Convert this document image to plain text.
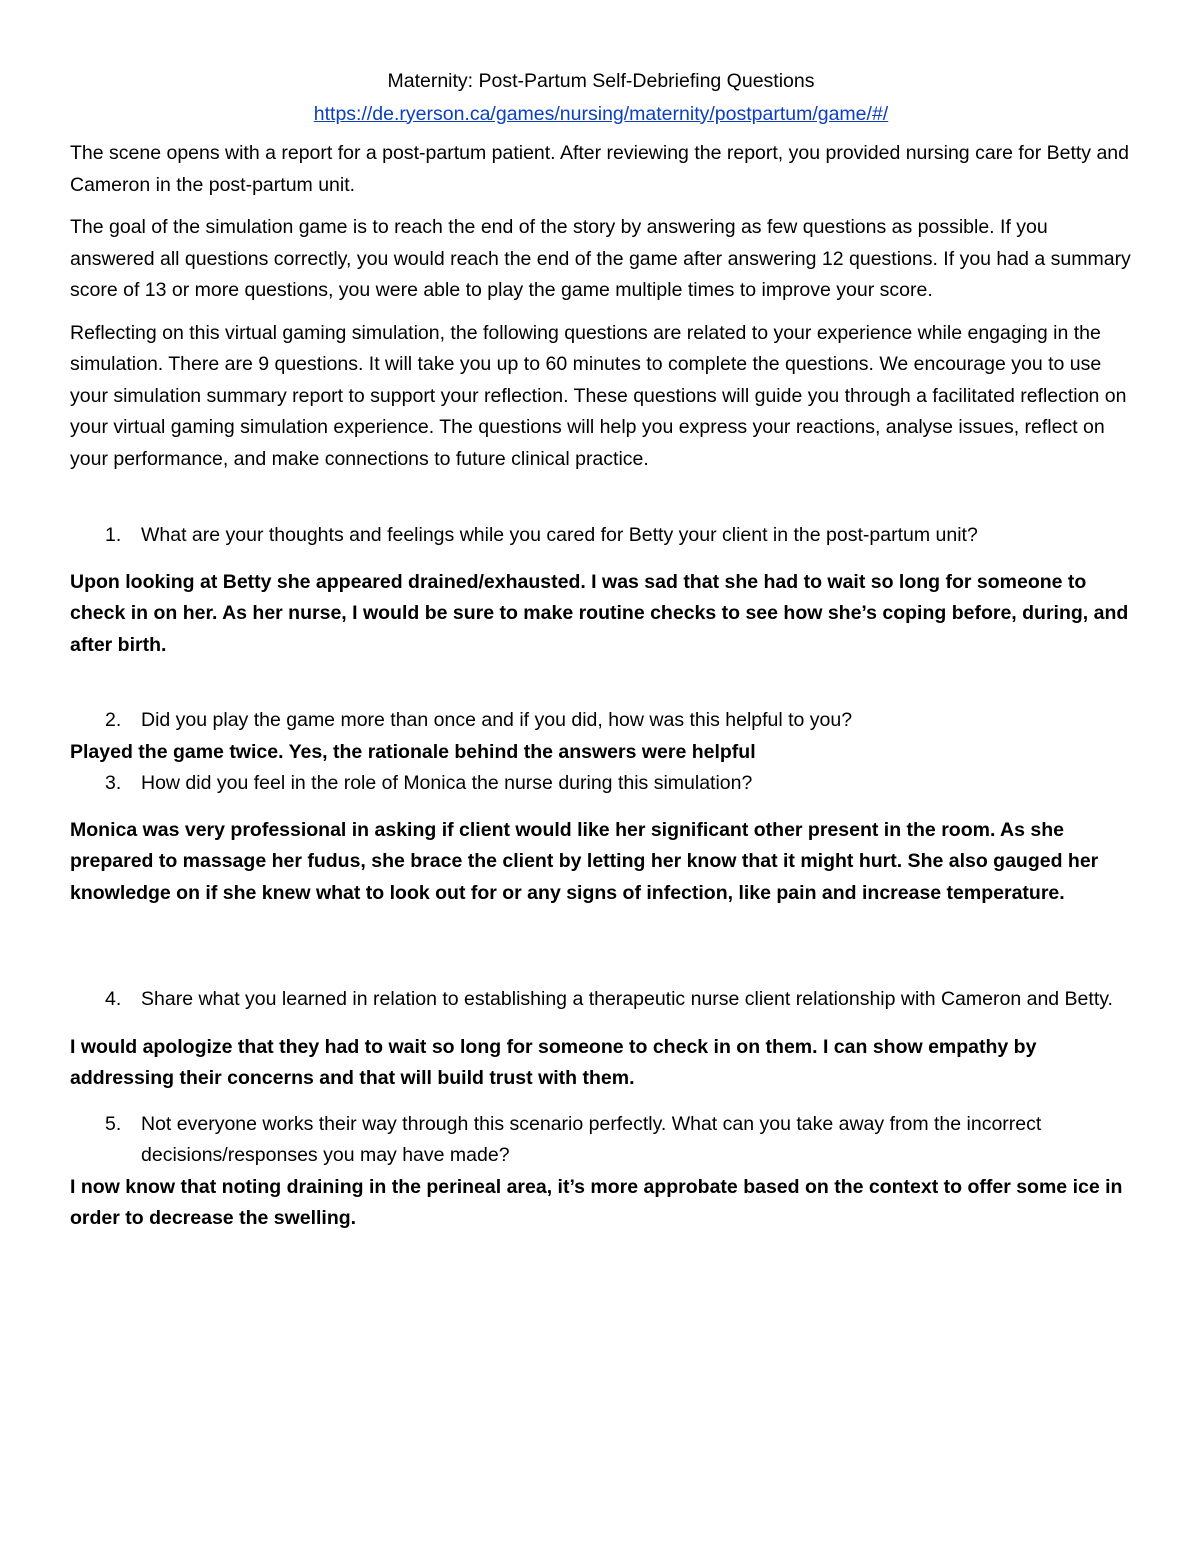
Maternity: Post-Partum Self-Debriefing Questions
https://de.ryerson.ca/games/nursing/maternity/postpartum/game/#/

The scene opens with a report for a post-partum patient. After reviewing the report, you provided nursing care for Betty and Cameron in the post-partum unit.

The goal of the simulation game is to reach the end of the story by answering as few questions as possible. If you answered all questions correctly, you would reach the end of the game after answering 12 questions. If you had a summary score of 13 or more questions, you were able to play the game multiple times to improve your score.

Reflecting on this virtual gaming simulation, the following questions are related to your experience while engaging in the simulation. There are 9 questions. It will take you up to 60 minutes to complete the questions. We encourage you to use your simulation summary report to support your reflection. These questions will guide you through a facilitated reflection on your virtual gaming simulation experience. The questions will help you express your reactions, analyse issues, reflect on your performance, and make connections to future clinical practice.

1.	What are your thoughts and feelings while you cared for Betty your client in the post-partum unit?

Upon looking at Betty she appeared drained/exhausted. I was sad that she had to wait so long for someone to check in on her. As her nurse, I would be sure to make routine checks to see how she’s coping before, during, and after birth.

2.	Did you play the game more than once and if you did, how was this helpful to you?

Played the game twice. Yes, the rationale behind the answers were helpful

3.	How did you feel in the role of Monica the nurse during this simulation?

Monica was very professional in asking if client would like her significant other present in the room. As she prepared to massage her fudus, she brace the client by letting her know that it might hurt. She also gauged her knowledge on if she knew what to look out for or any signs of infection, like pain and increase temperature.

4.	Share what you learned in relation to establishing a therapeutic nurse client relationship with Cameron and Betty.

I would apologize that they had to wait so long for someone to check in on them. I can show empathy by addressing their concerns and that will build trust with them.

5.	Not everyone works their way through this scenario perfectly. What can you take away from the incorrect decisions/responses you may have made?

I now know that noting draining in the perineal area, it’s more approbate based on the context to offer some ice in order to decrease the swelling.
